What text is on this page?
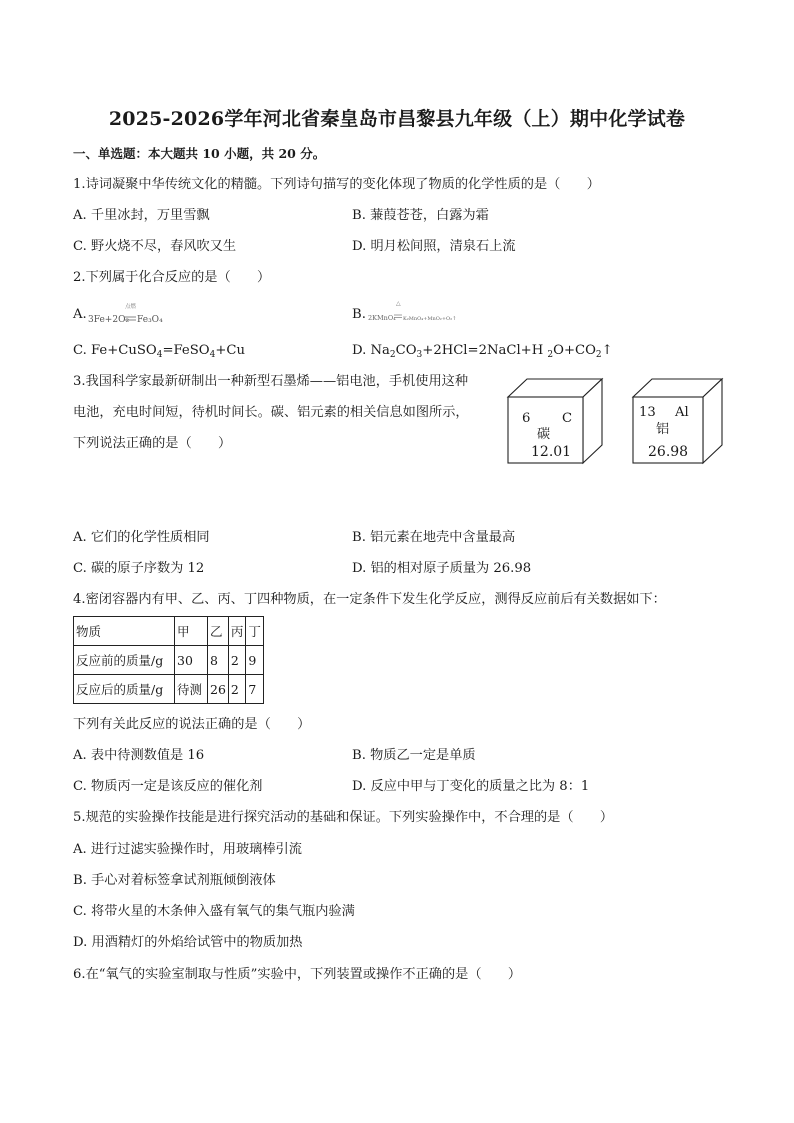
2025-2026学年河北省秦皇岛市昌黎县九年级（上）期中化学试卷
一、单选题：本大题共 10 小题，共 20 分。
1.诗词凝聚中华传统文化的精髓。下列诗句描写的变化体现了物质的化学性质的是（　　）
A. 千里冰封，万里雪飘	B. 蒹葭苍苍，白露为霜
C. 野火烧不尽，春风吹又生	D. 明月松间照，清泉石上流
2.下列属于化合反应的是（　　）
A. 3Fe+2O₂
点燃
Fe₃O₄	B. 2KMnO₄
△
K₂MnO₄+MnO₂+O₂↑
C. Fe+CuSO$_4$=FeSO$_4$+Cu	D. $Na_2CO_3+2HCl=2NaCl+H$ $_2O+CO_2↑$
3.我国科学家最新研制出一种新型石墨烯——铝电池，手机使用这种
电池，充电时间短，待机时间长。碳、铝元素的相关信息如图所示，
下列说法正确的是（　　）
6 C
碳
12.01
13 Al
铝
26.98
A. 它们的化学性质相同	B. 铝元素在地壳中含量最高
C. 碳的原子序数为 12	D. 铝的相对原子质量为 26.98
4.密闭容器内有甲、乙、丙、丁四种物质，在一定条件下发生化学反应，测得反应前后有关数据如下：
物质	甲	乙	丙	丁
反应前的质量/g	30	8	2	9
反应后的质量/g	待测	26	2	7
下列有关此反应的说法正确的是（　　）
A. 表中待测数值是 16	B. 物质乙一定是单质
C. 物质丙一定是该反应的催化剂	D. 反应中甲与丁变化的质量之比为 8：1
5.规范的实验操作技能是进行探究活动的基础和保证。下列实验操作中，不合理的是（　　）
A. 进行过滤实验操作时，用玻璃棒引流
B. 手心对着标签拿试剂瓶倾倒液体
C. 将带火星的木条伸入盛有氧气的集气瓶内验满
D. 用酒精灯的外焰给试管中的物质加热
6.在“氧气的实验室制取与性质”实验中，下列装置或操作不正确的是（　　）
